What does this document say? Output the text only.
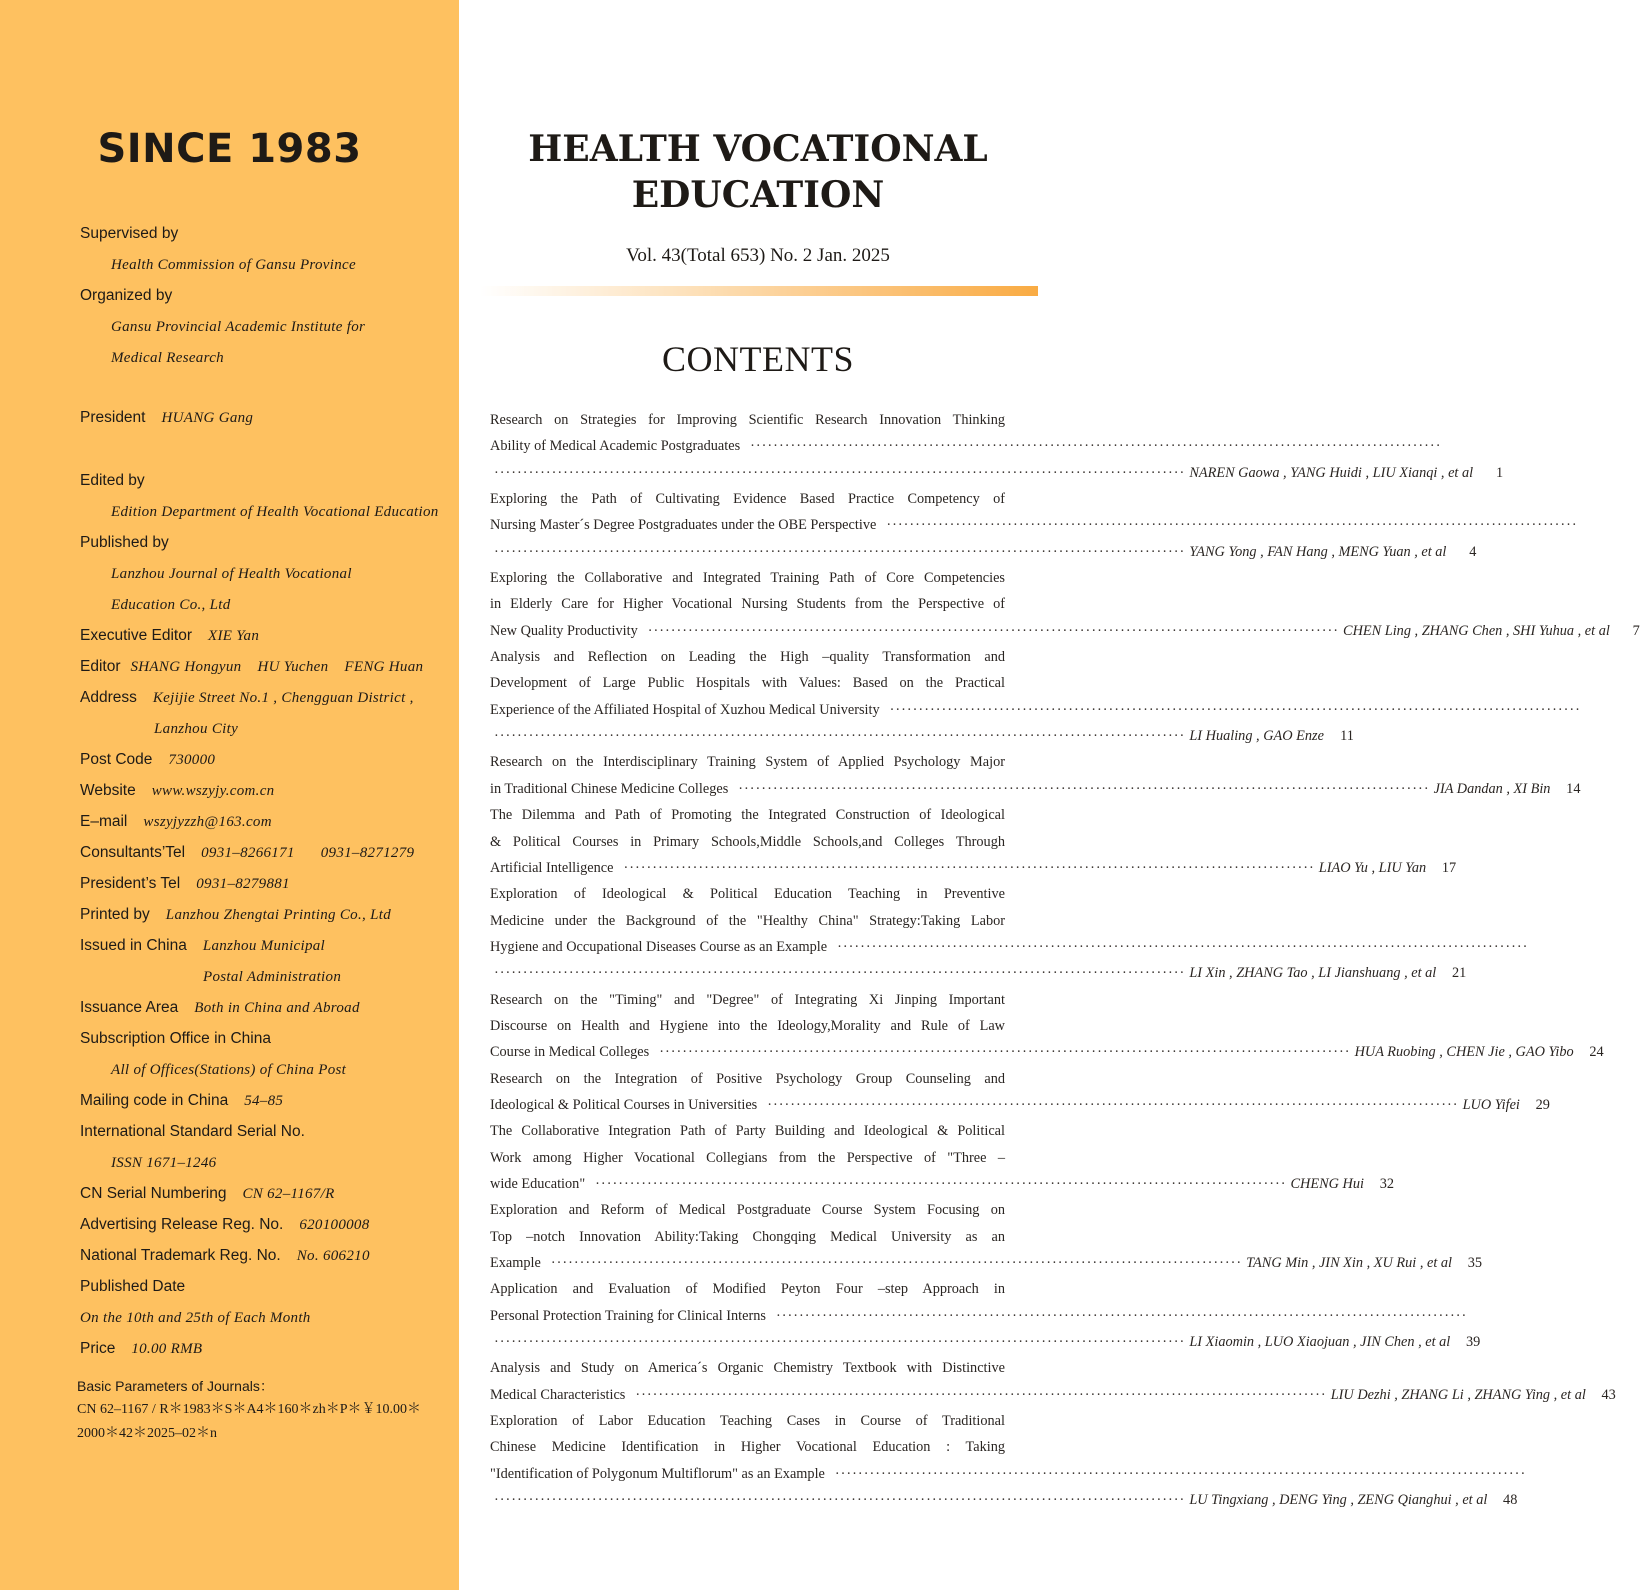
SINCE 1983
Supervised by
Health Commission of Gansu Province
Organized by
Gansu Provincial Academic Institute for
Medical Research
President HUANG Gang
Edited by
Edition Department of Health Vocational Education
Published by
Lanzhou Journal of Health Vocational
Education Co., Ltd
Executive Editor XIE Yan
Editor SHANG Hongyun HU Yuchen FENG Huan
Address Kejijie Street No.1 , Chengguan District ,
Lanzhou City
Post Code 730000
Website www.wszyjy.com.cn
E–mail wszyjyzzh@163.com
Consultants’Tel 0931–8266171 0931–8271279
President’s Tel 0931–8279881
Printed by Lanzhou Zhengtai Printing Co., Ltd
Issued in China Lanzhou Municipal
Postal Administration
Issuance Area Both in China and Abroad
Subscription Office in China
All of Offices(Stations) of China Post
Mailing code in China 54–85
International Standard Serial No.
ISSN 1671–1246
CN Serial Numbering CN 62–1167/R
Advertising Release Reg. No. 620100008
National Trademark Reg. No. No. 606210
Published Date
On the 10th and 25th of Each Month
Price 10.00 RMB
Basic Parameters of Journals：
CN 62–1167 / R＊1983＊S＊A4＊160＊zh＊P＊￥10.00＊
2000＊42＊2025–02＊n
HEALTH VOCATIONAL
EDUCATION
Vol. 43(Total 653) No. 2 Jan. 2025
CONTENTS
Research on Strategies for Improving Scientific Research Innovation Thinking
Ability of Medical Academic Postgraduates ························································································································
························································································································ NAREN Gaowa , YANG Huidi , LIU Xianqi , et al	1
Exploring the Path of Cultivating Evidence Based Practice Competency of
Nursing Master´s Degree Postgraduates under the OBE Perspective ························································································································
························································································································ YANG Yong , FAN Hang , MENG Yuan , et al	4
Exploring the Collaborative and Integrated Training Path of Core Competencies
in Elderly Care for Higher Vocational Nursing Students from the Perspective of
New Quality Productivity ························································································································ CHEN Ling , ZHANG Chen , SHI Yuhua , et al	7
Analysis and Reflection on Leading the High –quality Transformation and
Development of Large Public Hospitals with Values: Based on the Practical
Experience of the Affiliated Hospital of Xuzhou Medical University ························································································································
························································································································ LI Hualing , GAO Enze	11
Research on the Interdisciplinary Training System of Applied Psychology Major
in Traditional Chinese Medicine Colleges ························································································································ JIA Dandan , XI Bin	14
The Dilemma and Path of Promoting the Integrated Construction of Ideological
& Political Courses in Primary Schools,Middle Schools,and Colleges Through
Artificial Intelligence ························································································································ LIAO Yu , LIU Yan	17
Exploration of Ideological & Political Education Teaching in Preventive
Medicine under the Background of the "Healthy China" Strategy:Taking Labor
Hygiene and Occupational Diseases Course as an Example ························································································································
························································································································ LI Xin , ZHANG Tao , LI Jianshuang , et al	21
Research on the "Timing" and "Degree" of Integrating Xi Jinping Important
Discourse on Health and Hygiene into the Ideology,Morality and Rule of Law
Course in Medical Colleges ························································································································ HUA Ruobing , CHEN Jie , GAO Yibo	24
Research on the Integration of Positive Psychology Group Counseling and
Ideological & Political Courses in Universities ························································································································ LUO Yifei	29
The Collaborative Integration Path of Party Building and Ideological & Political
Work among Higher Vocational Collegians from the Perspective of "Three –
wide Education" ························································································································ CHENG Hui	32
Exploration and Reform of Medical Postgraduate Course System Focusing on
Top –notch Innovation Ability:Taking Chongqing Medical University as an
Example ························································································································ TANG Min , JIN Xin , XU Rui , et al	35
Application and Evaluation of Modified Peyton Four –step Approach in
Personal Protection Training for Clinical Interns ························································································································
························································································································ LI Xiaomin , LUO Xiaojuan , JIN Chen , et al	39
Analysis and Study on America´s Organic Chemistry Textbook with Distinctive
Medical Characteristics ························································································································ LIU Dezhi , ZHANG Li , ZHANG Ying , et al	43
Exploration of Labor Education Teaching Cases in Course of Traditional
Chinese Medicine Identification in Higher Vocational Education : Taking
"Identification of Polygonum Multiflorum" as an Example ························································································································
························································································································ LU Tingxiang , DENG Ying , ZENG Qianghui , et al	48
